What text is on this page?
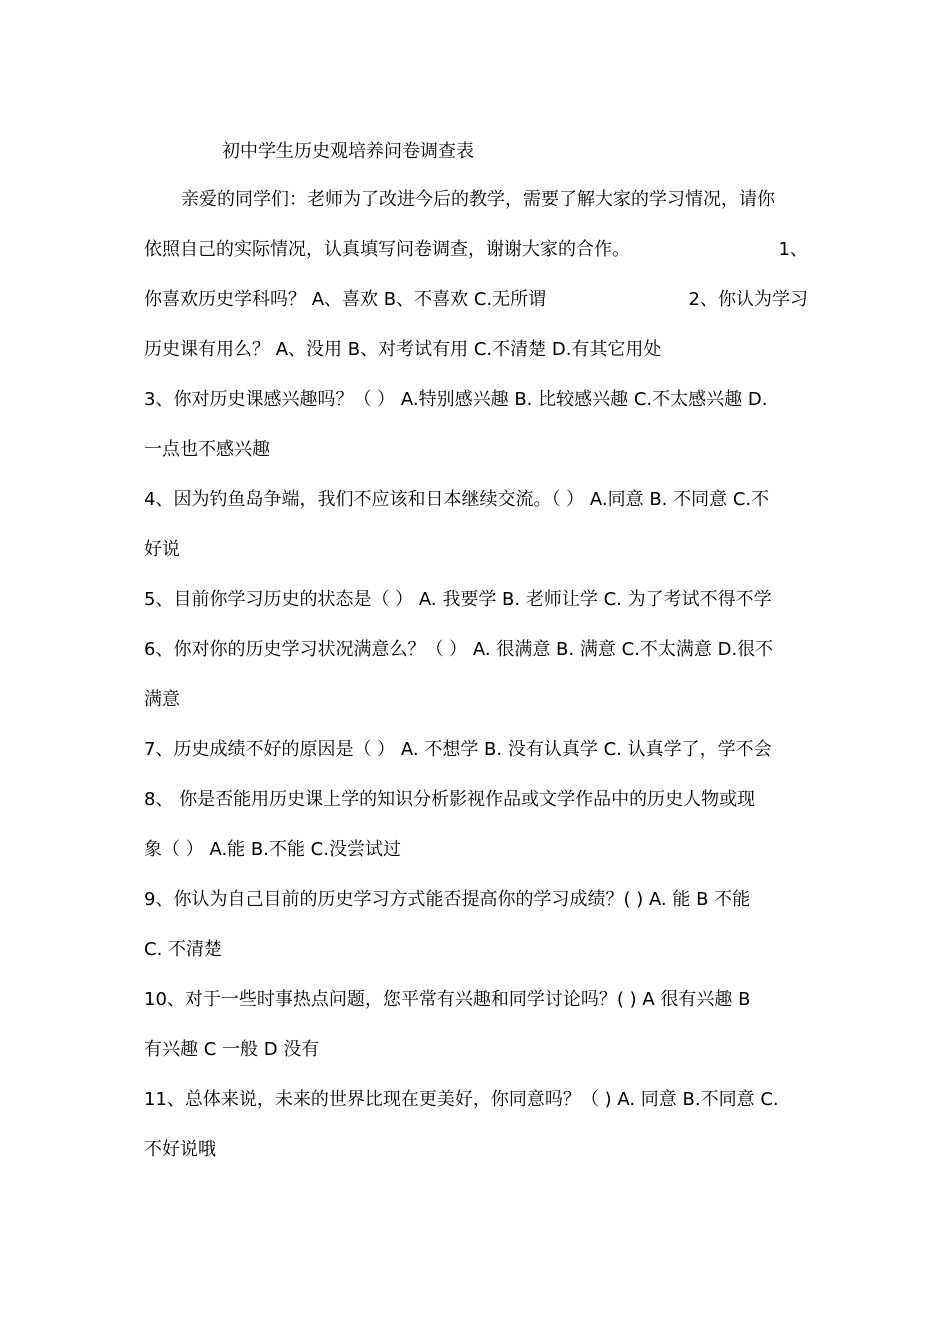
初中学生历史观培养问卷调查表
亲爱的同学们：老师为了改进今后的教学，需要了解大家的学习情况，请你
依照自己的实际情况，认真填写问卷调查，谢谢大家的合作。	1、
你喜欢历史学科吗？ A、喜欢 B、不喜欢 C.无所谓	2、你认为学习
历史课有用么？ A、没用 B、对考试有用 C.不清楚 D.有其它用处
3、你对历史课感兴趣吗？（ ） A.特别感兴趣 B. 比较感兴趣 C.不太感兴趣 D.
一点也不感兴趣
4、因为钓鱼岛争端，我们不应该和日本继续交流。（ ） A.同意 B. 不同意 C.不
好说
5、目前你学习历史的状态是（ ） A. 我要学 B. 老师让学 C. 为了考试不得不学
6、你对你的历史学习状况满意么？（ ） A. 很满意 B. 满意 C.不太满意 D.很不
满意
7、历史成绩不好的原因是（ ） A. 不想学 B. 没有认真学 C. 认真学了，学不会
8、 你是否能用历史课上学的知识分析影视作品或文学作品中的历史人物或现
象（ ） A.能 B.不能 C.没尝试过
9、你认为自己目前的历史学习方式能否提高你的学习成绩？( ) A. 能 B 不能
C. 不清楚
10、对于一些时事热点问题，您平常有兴趣和同学讨论吗？( ) A 很有兴趣 B
有兴趣 C 一般 D 没有
11、总体来说，未来的世界比现在更美好，你同意吗？（ ) A. 同意 B.不同意 C.
不好说哦
